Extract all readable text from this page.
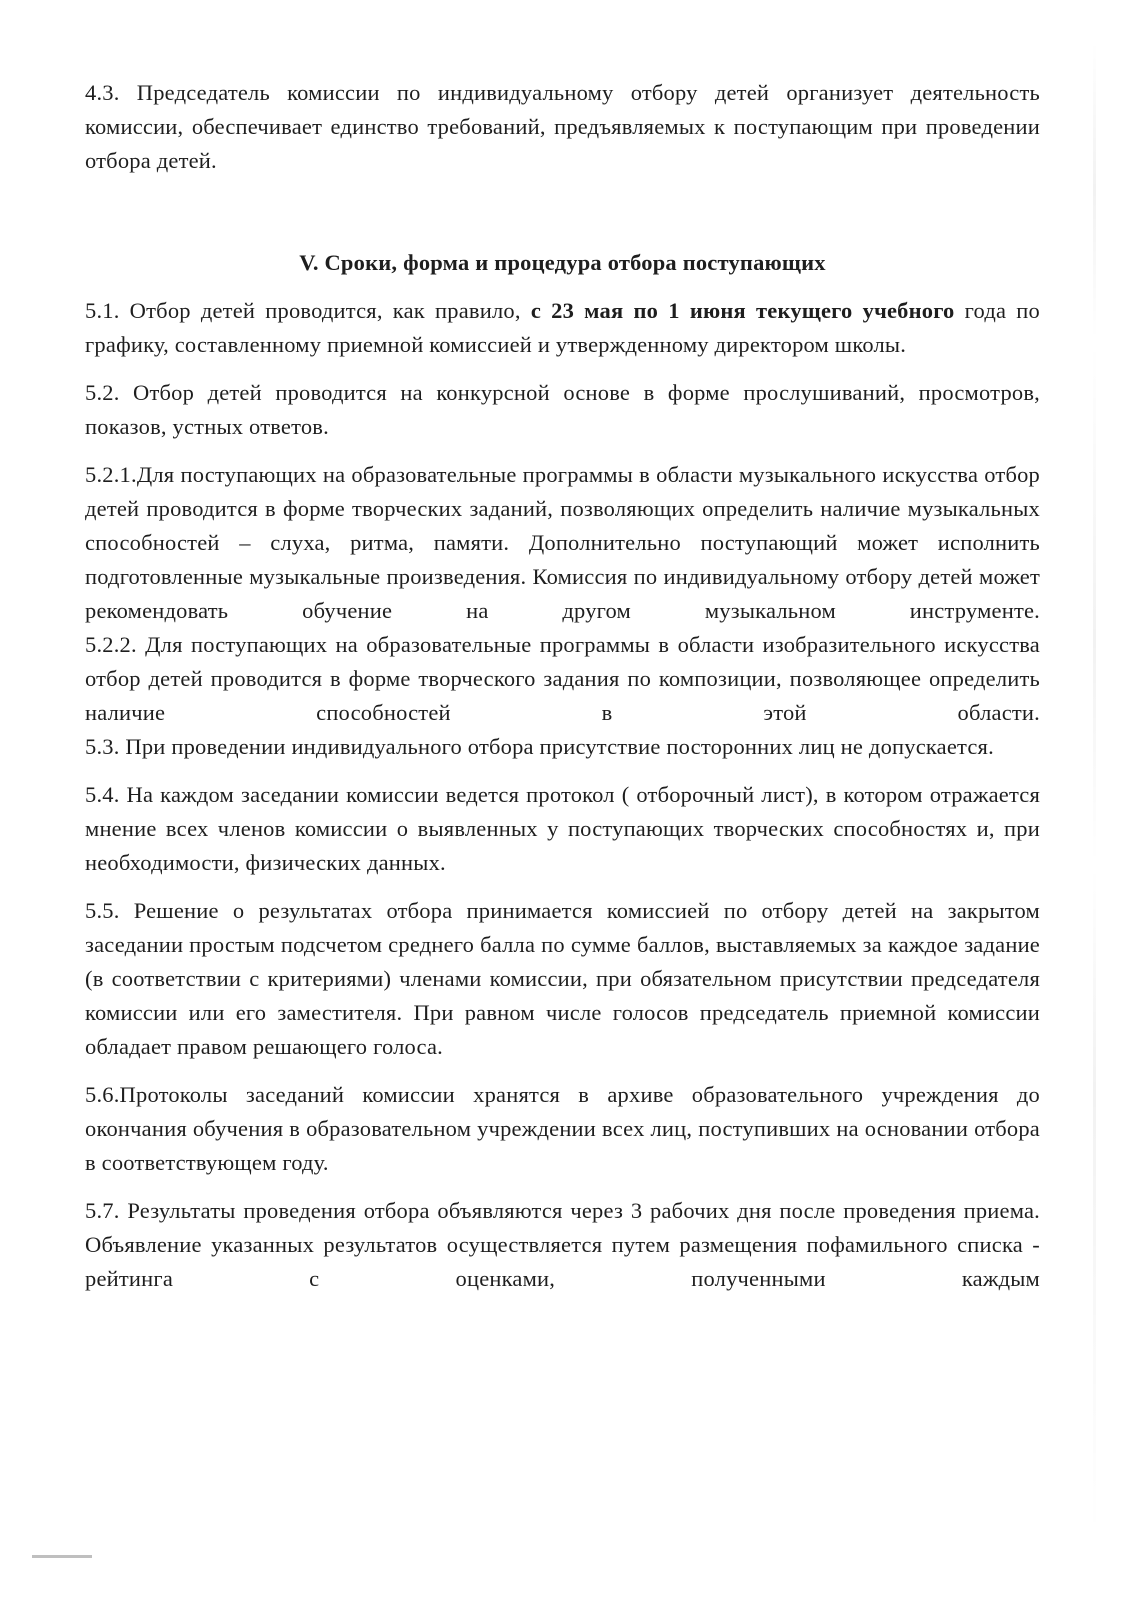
4.3. Председатель комиссии по индивидуальному отбору детей организует деятельность комиссии, обеспечивает единство требований, предъявляемых к поступающим при проведении отбора детей.

V. Сроки, форма и процедура отбора поступающих

5.1. Отбор детей проводится, как правило, с 23 мая по 1 июня текущего учебного года по графику, составленному приемной комиссией и утвержденному директором школы.

5.2. Отбор детей проводится на конкурсной основе в форме прослушиваний, просмотров, показов, устных ответов.

5.2.1.Для поступающих на образовательные программы в области музыкального искусства отбор детей проводится в форме творческих заданий, позволяющих определить наличие музыкальных способностей – слуха, ритма, памяти. Дополнительно поступающий может исполнить подготовленные музыкальные произведения. Комиссия по индивидуальному отбору детей может рекомендовать обучение на другом музыкальном инструменте.

5.2.2. Для поступающих на образовательные программы в области изобразительного искусства отбор детей проводится в форме творческого задания по композиции, позволяющее определить наличие способностей в этой области.

5.3. При проведении индивидуального отбора присутствие посторонних лиц не допускается.

5.4. На каждом заседании комиссии ведется протокол ( отборочный лист), в котором отражается мнение всех членов комиссии о выявленных у поступающих творческих способностях и, при необходимости, физических данных.

5.5. Решение о результатах отбора принимается комиссией по отбору детей на закрытом заседании простым подсчетом среднего балла по сумме баллов, выставляемых за каждое задание (в соответствии с критериями) членами комиссии, при обязательном присутствии председателя комиссии или его заместителя. При равном числе голосов председатель приемной комиссии обладает правом решающего голоса.

5.6.Протоколы заседаний комиссии хранятся в архиве образовательного учреждения до окончания обучения в образовательном учреждении всех лиц, поступивших на основании отбора в соответствующем году.

5.7. Результаты проведения отбора объявляются через 3 рабочих дня после проведения приема. Объявление указанных результатов осуществляется путем размещения пофамильного списка - рейтинга с оценками, полученными каждым
